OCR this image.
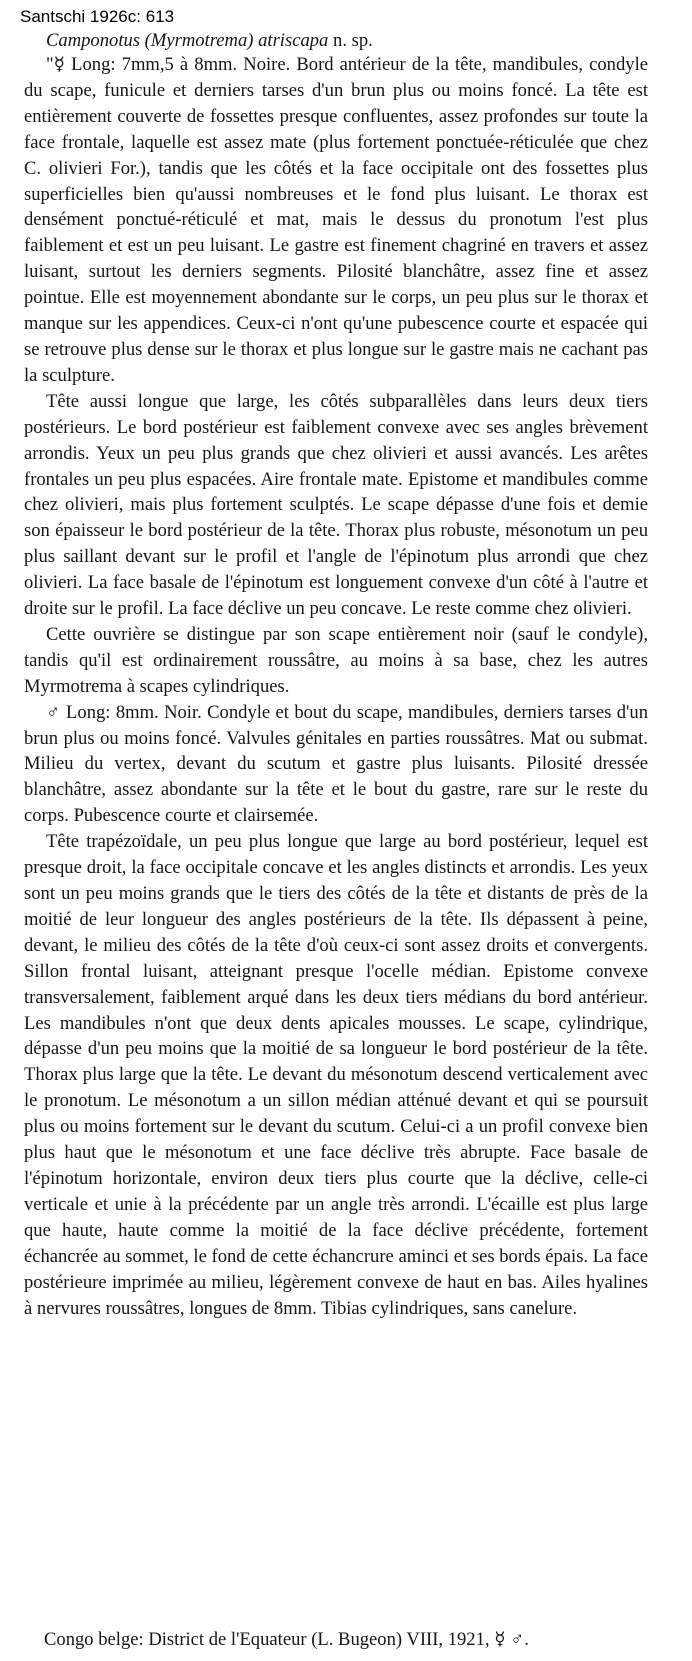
Santschi 1926c: 613
Camponotus (Myrmotrema) atriscapa n. sp.

"☿ Long: 7mm,5 à 8mm. Noire. Bord antérieur de la tête, mandibules, condyle du scape, funicule et derniers tarses d'un brun plus ou moins foncé. La tête est entièrement couverte de fossettes presque confluentes, assez profondes sur toute la face frontale, laquelle est assez mate (plus fortement ponctuée-réticulée que chez C. olivieri For.), tandis que les côtés et la face occipitale ont des fossettes plus superficielles bien qu'aussi nombreuses et le fond plus luisant. Le thorax est densément ponctué-réticulé et mat, mais le dessus du pronotum l'est plus faiblement et est un peu luisant. Le gastre est finement chagriné en travers et assez luisant, surtout les derniers segments. Pilosité blanchâtre, assez fine et assez pointue. Elle est moyennement abondante sur le corps, un peu plus sur le thorax et manque sur les appendices. Ceux-ci n'ont qu'une pubescence courte et espacée qui se retrouve plus dense sur le thorax et plus longue sur le gastre mais ne cachant pas la sculpture.

Tête aussi longue que large, les côtés subparallèles dans leurs deux tiers postérieurs. Le bord postérieur est faiblement convexe avec ses angles brèvement arrondis. Yeux un peu plus grands que chez olivieri et aussi avancés. Les arêtes frontales un peu plus espacées. Aire frontale mate. Epistome et mandibules comme chez olivieri, mais plus fortement sculptés. Le scape dépasse d'une fois et demie son épaisseur le bord postérieur de la tête. Thorax plus robuste, mésonotum un peu plus saillant devant sur le profil et l'angle de l'épinotum plus arrondi que chez olivieri. La face basale de l'épinotum est longuement convexe d'un côté à l'autre et droite sur le profil. La face déclive un peu concave. Le reste comme chez olivieri.

Cette ouvrière se distingue par son scape entièrement noir (sauf le condyle), tandis qu'il est ordinairement roussâtre, au moins à sa base, chez les autres Myrmotrema à scapes cylindriques.

♂ Long: 8mm. Noir. Condyle et bout du scape, mandibules, derniers tarses d'un brun plus ou moins foncé. Valvules génitales en parties roussâtres. Mat ou submat. Milieu du vertex, devant du scutum et gastre plus luisants. Pilosité dressée blanchâtre, assez abondante sur la tête et le bout du gastre, rare sur le reste du corps. Pubescence courte et clairsemée.

Tête trapézoïdale, un peu plus longue que large au bord postérieur, lequel est presque droit, la face occipitale concave et les angles distincts et arrondis. Les yeux sont un peu moins grands que le tiers des côtés de la tête et distants de près de la moitié de leur longueur des angles postérieurs de la tête. Ils dépassent à peine, devant, le milieu des côtés de la tête d'où ceux-ci sont assez droits et convergents. Sillon frontal luisant, atteignant presque l'ocelle médian. Epistome convexe transversalement, faiblement arqué dans les deux tiers médians du bord antérieur. Les mandibules n'ont que deux dents apicales mousses. Le scape, cylindrique, dépasse d'un peu moins que la moitié de sa longueur le bord postérieur de la tête. Thorax plus large que la tête. Le devant du mésonotum descend verticalement avec le pronotum. Le mésonotum a un sillon médian atténué devant et qui se poursuit plus ou moins fortement sur le devant du scutum. Celui-ci a un profil convexe bien plus haut que le mésonotum et une face déclive très abrupte. Face basale de l'épinotum horizontale, environ deux tiers plus courte que la déclive, celle-ci verticale et unie à la précédente par un angle très arrondi. L'écaille est plus large que haute, haute comme la moitié de la face déclive précédente, fortement échancrée au sommet, le fond de cette échancrure aminci et ses bords épais. La face postérieure imprimée au milieu, légèrement convexe de haut en bas. Ailes hyalines à nervures roussâtres, longues de 8mm. Tibias cylindriques, sans canelure.

Congo belge: District de l'Equateur (L. Bugeon) VIII, 1921, ☿ ♂.
